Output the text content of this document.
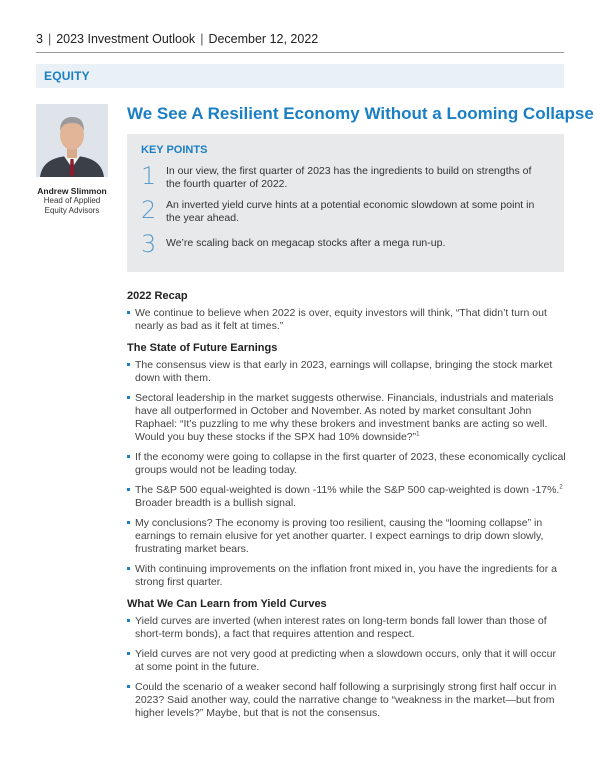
3 | 2023 Investment Outlook | December 12, 2022
EQUITY
Andrew Slimmon
Head of Applied
Equity Advisors
We See A Resilient Economy Without a Looming Collapse
KEY POINTS
1 In our view, the first quarter of 2023 has the ingredients to build on strengths of the fourth quarter of 2022.
2 An inverted yield curve hints at a potential economic slowdown at some point in the year ahead.
3 We’re scaling back on megacap stocks after a mega run-up.
2022 Recap
We continue to believe when 2022 is over, equity investors will think, “That didn’t turn out nearly as bad as it felt at times.”
The State of Future Earnings
The consensus view is that early in 2023, earnings will collapse, bringing the stock market down with them.
Sectoral leadership in the market suggests otherwise. Financials, industrials and materials have all outperformed in October and November. As noted by market consultant John Raphael: “It’s puzzling to me why these brokers and investment banks are acting so well. Would you buy these stocks if the SPX had 10% downside?”$^1$
If the economy were going to collapse in the first quarter of 2023, these economically cyclical groups would not be leading today.
The S&P 500 equal-weighted is down -11% while the S&P 500 cap-weighted is down -17%.$^2$ Broader breadth is a bullish signal.
My conclusions? The economy is proving too resilient, causing the “looming collapse” in earnings to remain elusive for yet another quarter. I expect earnings to drip down slowly, frustrating market bears.
With continuing improvements on the inflation front mixed in, you have the ingredients for a strong first quarter.
What We Can Learn from Yield Curves
Yield curves are inverted (when interest rates on long-term bonds fall lower than those of short-term bonds), a fact that requires attention and respect.
Yield curves are not very good at predicting when a slowdown occurs, only that it will occur at some point in the future.
Could the scenario of a weaker second half following a surprisingly strong first half occur in 2023? Said another way, could the narrative change to “weakness in the market—but from higher levels?” Maybe, but that is not the consensus.
